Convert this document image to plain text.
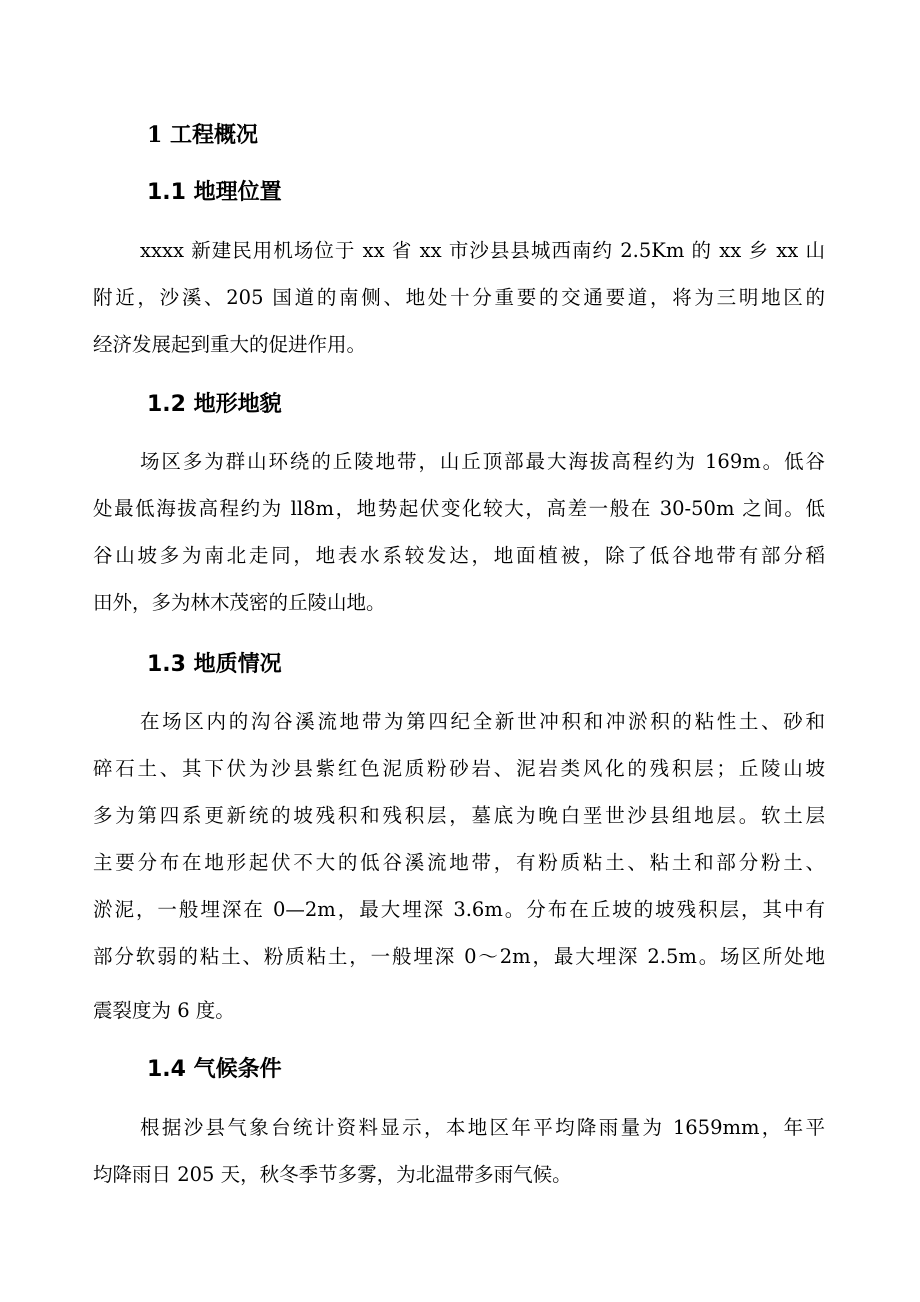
1 工程概况
1.1 地理位置
xxxx 新建民用机场位于 xx 省 xx 市沙县县城西南约 2.5Km 的 xx 乡 xx 山
附近，沙溪、205 国道的南侧、地处十分重要的交通要道，将为三明地区的
经济发展起到重大的促进作用。
1.2 地形地貌
场区多为群山环绕的丘陵地带，山丘顶部最大海拔高程约为 169m。低谷
处最低海拔高程约为 ll8m，地势起伏变化较大，高差一般在 30-50m 之间。低
谷山坡多为南北走同，地表水系较发达，地面植被，除了低谷地带有部分稻
田外，多为林木茂密的丘陵山地。
1.3 地质情况
在场区内的沟谷溪流地带为第四纪全新世冲积和冲淤积的粘性土、砂和
碎石土、其下伏为沙县紫红色泥质粉砂岩、泥岩类风化的残积层；丘陵山坡
多为第四系更新统的坡残积和残积层，墓底为晚白垩世沙县组地层。软土层
主要分布在地形起伏不大的低谷溪流地带，有粉质粘土、粘土和部分粉土、
淤泥，一般埋深在 0—2m，最大埋深 3.6m。分布在丘坡的坡残积层，其中有
部分软弱的粘土、粉质粘土，一般埋深 0～2m，最大埋深 2.5m。场区所处地
震裂度为 6 度。
1.4 气候条件
根据沙县气象台统计资料显示，本地区年平均降雨量为 1659mm，年平
均降雨日 205 天，秋冬季节多雾，为北温带多雨气候。
